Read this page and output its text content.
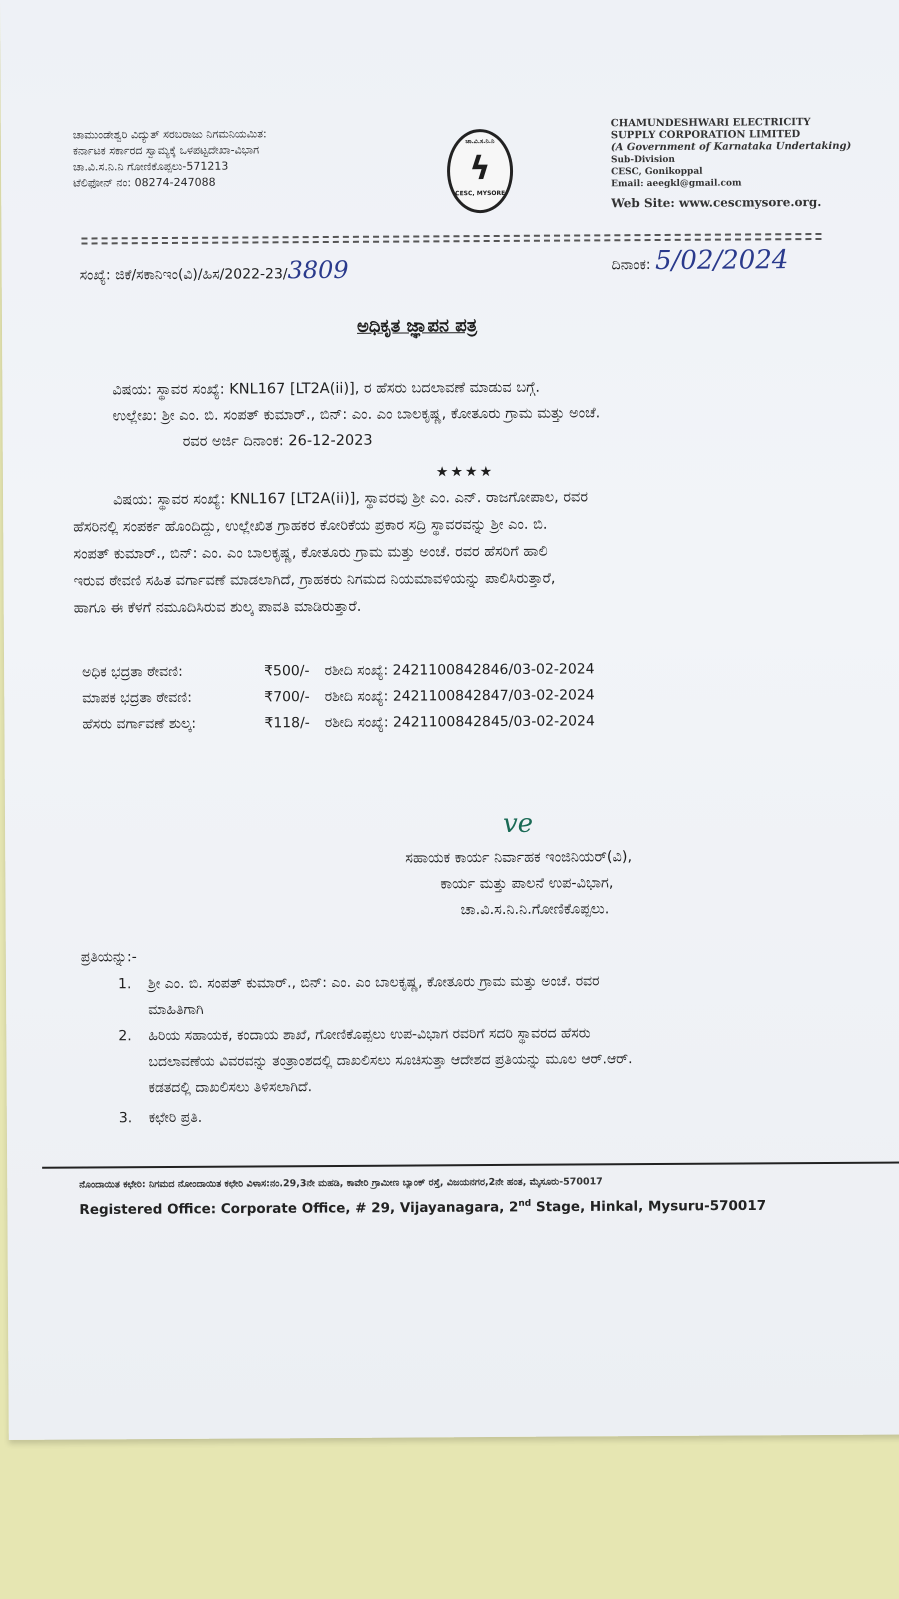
ಚಾಮುಂಡೇಶ್ವರಿ ವಿದ್ಯುತ್ ಸರಬರಾಜು ನಿಗಮನಿಯಮಿತ:
ಕರ್ನಾಟಕ ಸರ್ಕಾರದ ಸ್ವಾಮ್ಯಕ್ಕೆ ಒಳಪಟ್ಟದೇಖಾ-ವಿಭಾಗ
ಚಾ.ವಿ.ಸ.ನಿ.ನಿ ಗೋಣಿಕೊಪ್ಪಲು-571213
ಟೆಲಿಫೋನ್ ನಂ: 08274-247088
ಚಾ.ವಿ.ಸ.ನಿ.ನಿ
ϟ
CESC, MYSORE
CHAMUNDESHWARI ELECTRICITY
SUPPLY CORPORATION LIMITED
(A Government of Karnataka Undertaking)
Sub-Division
CESC, Gonikoppal
Email: aeegkl@gmail.com
Web Site: www.cescmysore.org.
ಸಂಖ್ಯೆ: ಜಿಕೆ/ಸಕಾನಿಇಂ(ವಿ)/ಹಿಸ/2022-23/3809	ದಿನಾಂಕ: 5/02/2024
ಅಧಿಕೃತ ಜ್ಞಾಪನ ಪತ್ರ
ವಿಷಯ: ಸ್ಥಾವರ ಸಂಖ್ಯೆ: KNL167 [LT2A(ii)], ರ ಹೆಸರು ಬದಲಾವಣೆ ಮಾಡುವ ಬಗ್ಗೆ.
ಉಲ್ಲೇಖ: ಶ್ರೀ ಎಂ. ಬಿ. ಸಂಪತ್ ಕುಮಾರ್., ಬಿನ್: ಎಂ. ಎಂ ಬಾಲಕೃಷ್ಣ, ಕೋತೂರು ಗ್ರಾಮ ಮತ್ತು ಅಂಚೆ.
ರವರ ಅರ್ಜಿ ದಿನಾಂಕ: 26-12-2023
★★★★
ವಿಷಯ: ಸ್ಥಾವರ ಸಂಖ್ಯೆ: KNL167 [LT2A(ii)], ಸ್ಥಾವರವು ಶ್ರೀ ಎಂ. ಎನ್. ರಾಜಗೋಪಾಲ, ರವರ
ಹೆಸರಿನಲ್ಲಿ ಸಂಪರ್ಕ ಹೊಂದಿದ್ದು, ಉಲ್ಲೇಖಿತ ಗ್ರಾಹಕರ ಕೋರಿಕೆಯ ಪ್ರಕಾರ ಸದ್ರಿ ಸ್ಥಾವರವನ್ನು ಶ್ರೀ ಎಂ. ಬಿ.
ಸಂಪತ್ ಕುಮಾರ್., ಬಿನ್: ಎಂ. ಎಂ ಬಾಲಕೃಷ್ಣ, ಕೋತೂರು ಗ್ರಾಮ ಮತ್ತು ಅಂಚೆ. ರವರ ಹೆಸರಿಗೆ ಹಾಲಿ
ಇರುವ ಠೇವಣಿ ಸಹಿತ ವರ್ಗಾವಣೆ ಮಾಡಲಾಗಿದೆ, ಗ್ರಾಹಕರು ನಿಗಮದ ನಿಯಮಾವಳಿಯನ್ನು ಪಾಲಿಸಿರುತ್ತಾರೆ,
ಹಾಗೂ ಈ ಕೆಳಗೆ ನಮೂದಿಸಿರುವ ಶುಲ್ಕ ಪಾವತಿ ಮಾಡಿರುತ್ತಾರೆ.
ಅಧಿಕ ಭದ್ರತಾ ಠೇವಣಿ:	₹500/- ರಶೀದಿ ಸಂಖ್ಯೆ: 2421100842846/03-02-2024
ಮಾಪಕ ಭದ್ರತಾ ಠೇವಣಿ:	₹700/- ರಶೀದಿ ಸಂಖ್ಯೆ: 2421100842847/03-02-2024
ಹೆಸರು ವರ್ಗಾವಣೆ ಶುಲ್ಕ:	₹118/- ರಶೀದಿ ಸಂಖ್ಯೆ: 2421100842845/03-02-2024
ve
ಸಹಾಯಕ ಕಾರ್ಯ ನಿರ್ವಾಹಕ ಇಂಜಿನಿಯರ್(ವಿ),
ಕಾರ್ಯ ಮತ್ತು ಪಾಲನೆ ಉಪ-ವಿಭಾಗ,
ಚಾ.ವಿ.ಸ.ನಿ.ನಿ.ಗೋಣಿಕೊಪ್ಪಲು.
ಪ್ರತಿಯನ್ನು:-
1. ಶ್ರೀ ಎಂ. ಬಿ. ಸಂಪತ್ ಕುಮಾರ್., ಬಿನ್: ಎಂ. ಎಂ ಬಾಲಕೃಷ್ಣ, ಕೋತೂರು ಗ್ರಾಮ ಮತ್ತು ಅಂಚೆ. ರವರ
ಮಾಹಿತಿಗಾಗಿ
2. ಹಿರಿಯ ಸಹಾಯಕ, ಕಂದಾಯ ಶಾಖೆ, ಗೋಣಿಕೊಪ್ಪಲು ಉಪ-ವಿಭಾಗ ರವರಿಗೆ ಸದರಿ ಸ್ಥಾವರದ ಹೆಸರು
ಬದಲಾವಣೆಯ ವಿವರವನ್ನು ತಂತ್ರಾಂಶದಲ್ಲಿ ದಾಖಲಿಸಲು ಸೂಚಿಸುತ್ತಾ ಆದೇಶದ ಪ್ರತಿಯನ್ನು ಮೂಲ ಆರ್.ಆರ್.
ಕಡತದಲ್ಲಿ ದಾಖಲಿಸಲು ತಿಳಿಸಲಾಗಿದೆ.
3. ಕಛೇರಿ ಪ್ರತಿ.
ನೊಂದಾಯಿತ ಕಛೇರಿ: ನಿಗಮದ ನೋಂದಾಯಿತ ಕಛೇರಿ ವಿಳಾಸ:ನಂ.29,3ನೇ ಮಹಡಿ, ಕಾವೇರಿ ಗ್ರಾಮೀಣ ಬ್ಯಾಂಕ್ ರಸ್ತೆ, ವಿಜಯನಗರ,2ನೇ ಹಂತ, ಮೈಸೂರು-570017
Registered Office: Corporate Office, # 29, Vijayanagara, 2nd Stage, Hinkal, Mysuru-570017
